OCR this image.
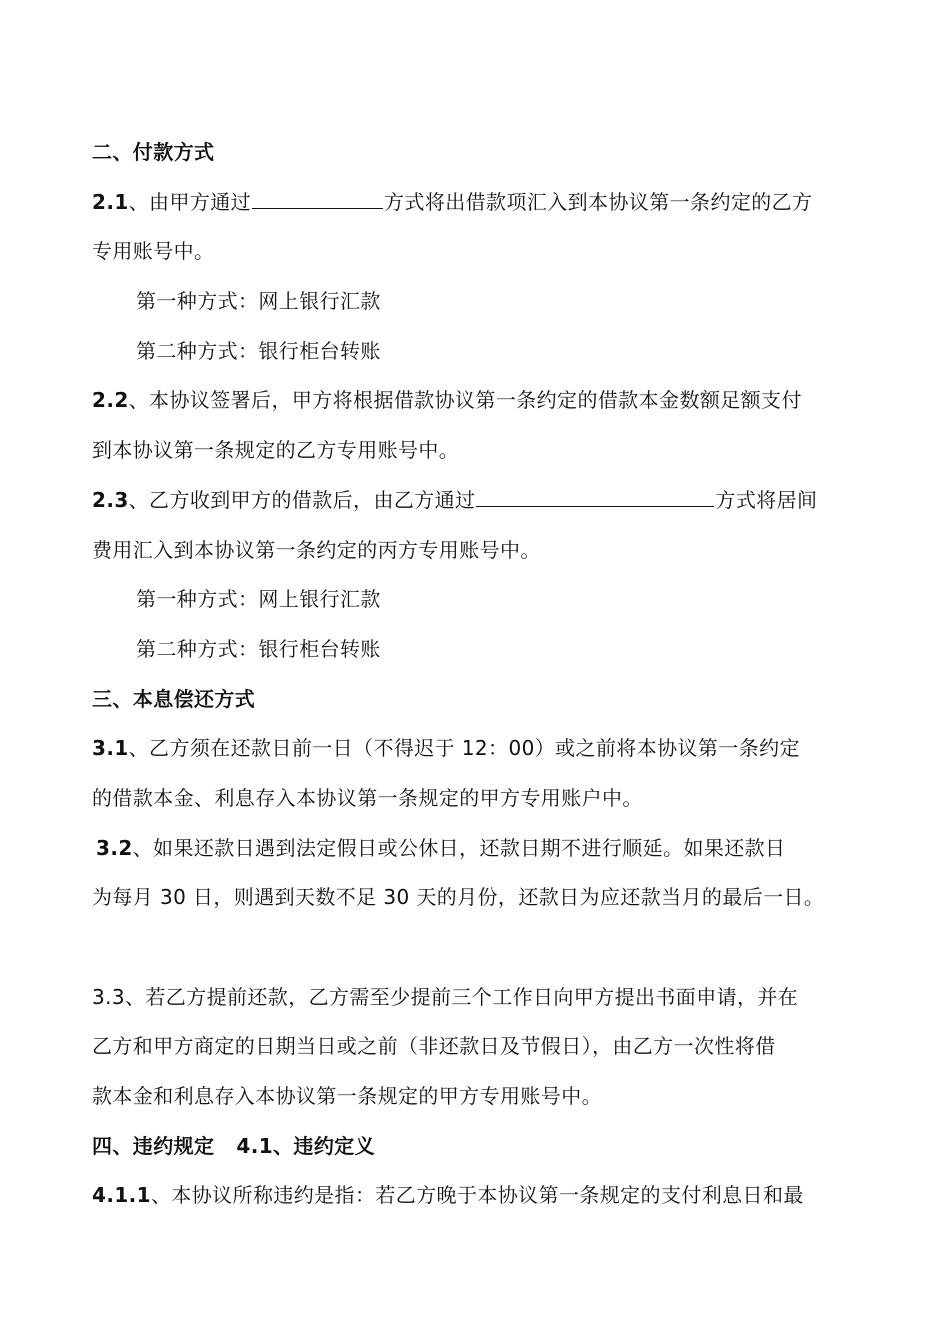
二、付款方式
2.1、由甲方通过	方式将出借款项汇入到本协议第一条约定的乙方
专用账号中。
第一种方式：网上银行汇款
第二种方式：银行柜台转账
2.2、本协议签署后，甲方将根据借款协议第一条约定的借款本金数额足额支付
到本协议第一条规定的乙方专用账号中。
2.3、乙方收到甲方的借款后，由乙方通过	方式将居间
费用汇入到本协议第一条约定的丙方专用账号中。
第一种方式：网上银行汇款
第二种方式：银行柜台转账
三、本息偿还方式
3.1、乙方须在还款日前一日（不得迟于 12：00）或之前将本协议第一条约定
的借款本金、利息存入本协议第一条规定的甲方专用账户中。
3.2、如果还款日遇到法定假日或公休日，还款日期不进行顺延。如果还款日
为每月 30 日，则遇到天数不足 30 天的月份，还款日为应还款当月的最后一日。
3.3、若乙方提前还款，乙方需至少提前三个工作日向甲方提出书面申请，并在
乙方和甲方商定的日期当日或之前（非还款日及节假日），由乙方一次性将借
款本金和利息存入本协议第一条规定的甲方专用账号中。
四、违约规定 4.1、违约定义
4.1.1、本协议所称违约是指：若乙方晚于本协议第一条规定的支付利息日和最
